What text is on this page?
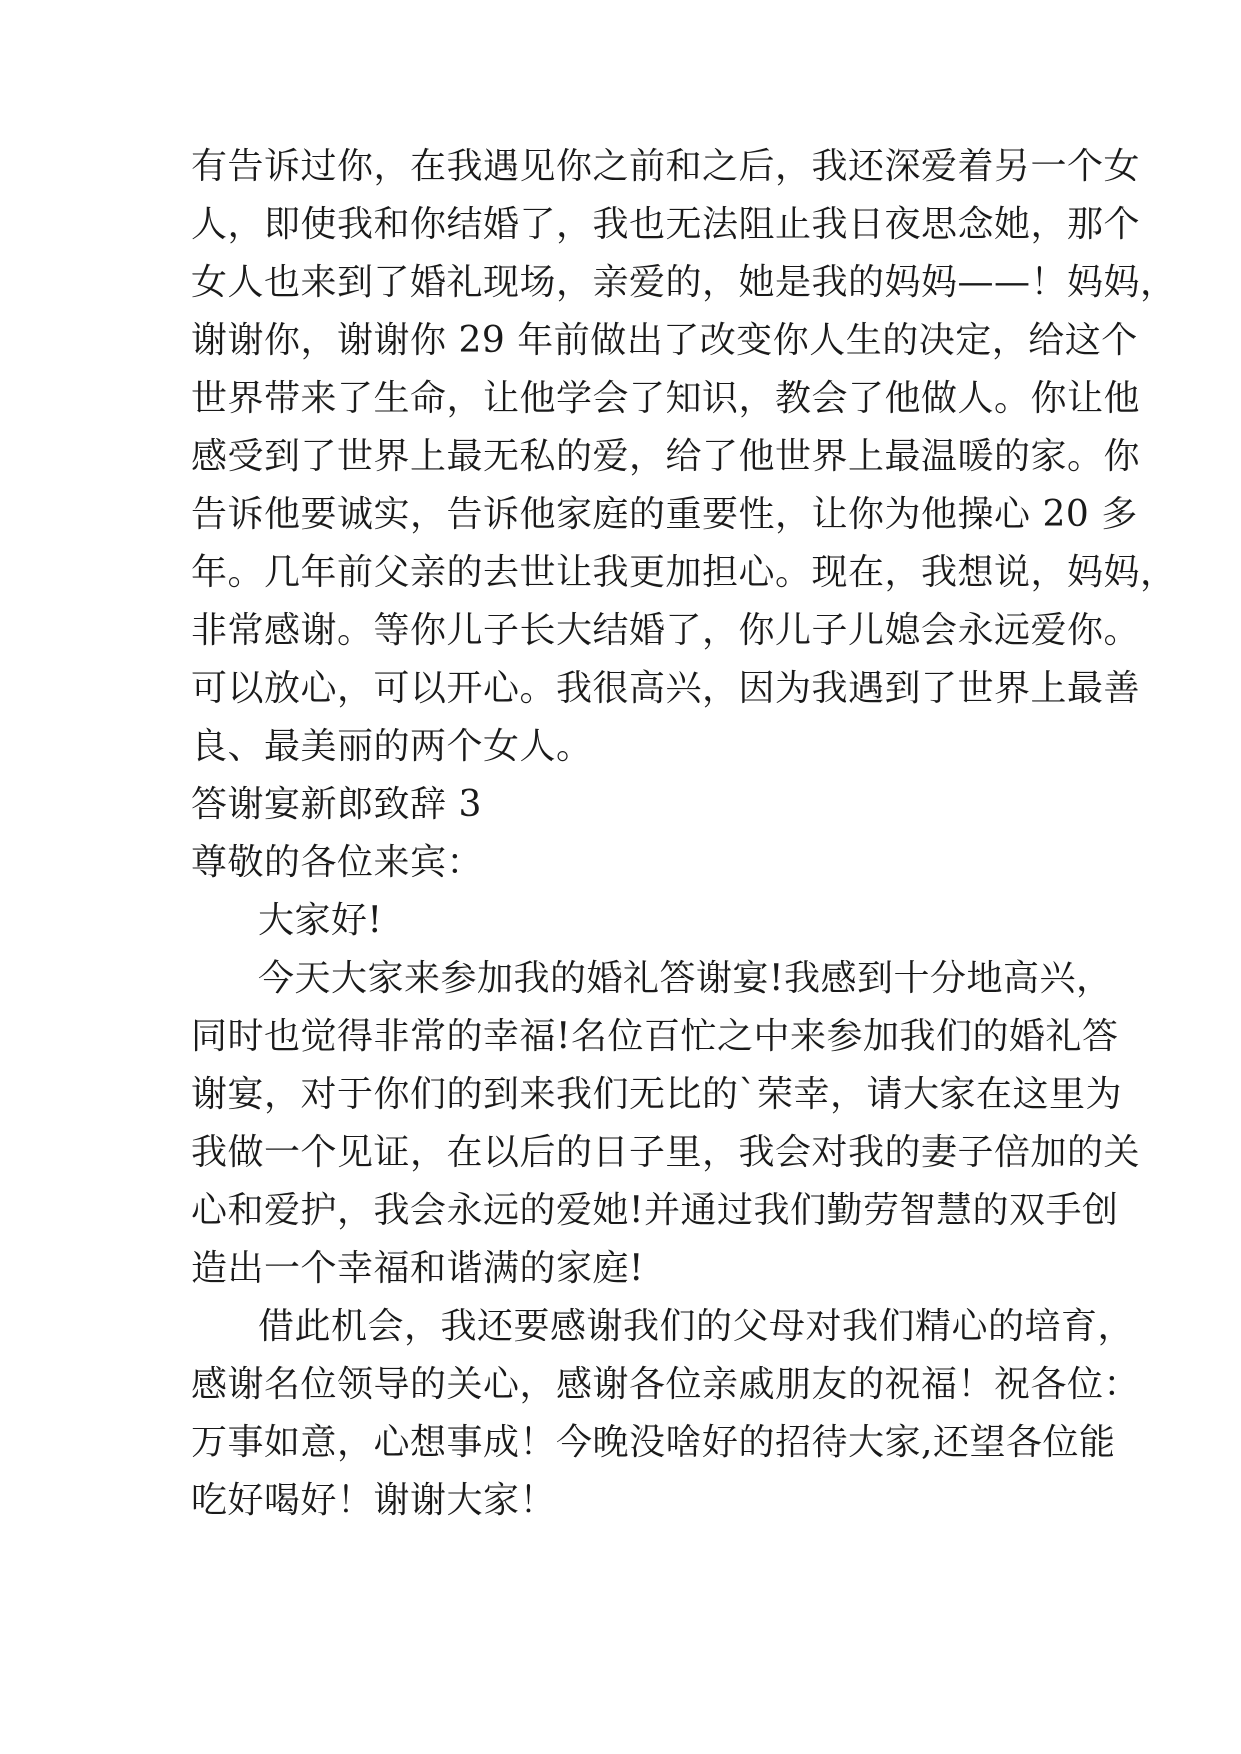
有告诉过你，在我遇见你之前和之后，我还深爱着另一个女
人，即使我和你结婚了，我也无法阻止我日夜思念她，那个
女人也来到了婚礼现场，亲爱的，她是我的妈妈——！妈妈，
谢谢你，谢谢你 29 年前做出了改变你人生的决定，给这个
世界带来了生命，让他学会了知识，教会了他做人。你让他
感受到了世界上最无私的爱，给了他世界上最温暖的家。你
告诉他要诚实，告诉他家庭的重要性，让你为他操心 20 多
年。几年前父亲的去世让我更加担心。现在，我想说，妈妈，
非常感谢。等你儿子长大结婚了，你儿子儿媳会永远爱你。
可以放心，可以开心。我很高兴，因为我遇到了世界上最善
良、最美丽的两个女人。
答谢宴新郎致辞 3
尊敬的各位来宾：
大家好!
今天大家来参加我的婚礼答谢宴!我感到十分地高兴，
同时也觉得非常的幸福!名位百忙之中来参加我们的婚礼答
谢宴，对于你们的到来我们无比的`荣幸，请大家在这里为
我做一个见证，在以后的日子里，我会对我的妻子倍加的关
心和爱护，我会永远的爱她!并通过我们勤劳智慧的双手创
造出一个幸福和谐满的家庭!
借此机会，我还要感谢我们的父母对我们精心的培育，
感谢名位领导的关心，感谢各位亲戚朋友的祝福！祝各位：
万事如意，心想事成！今晚没啥好的招待大家,还望各位能
吃好喝好！谢谢大家！
